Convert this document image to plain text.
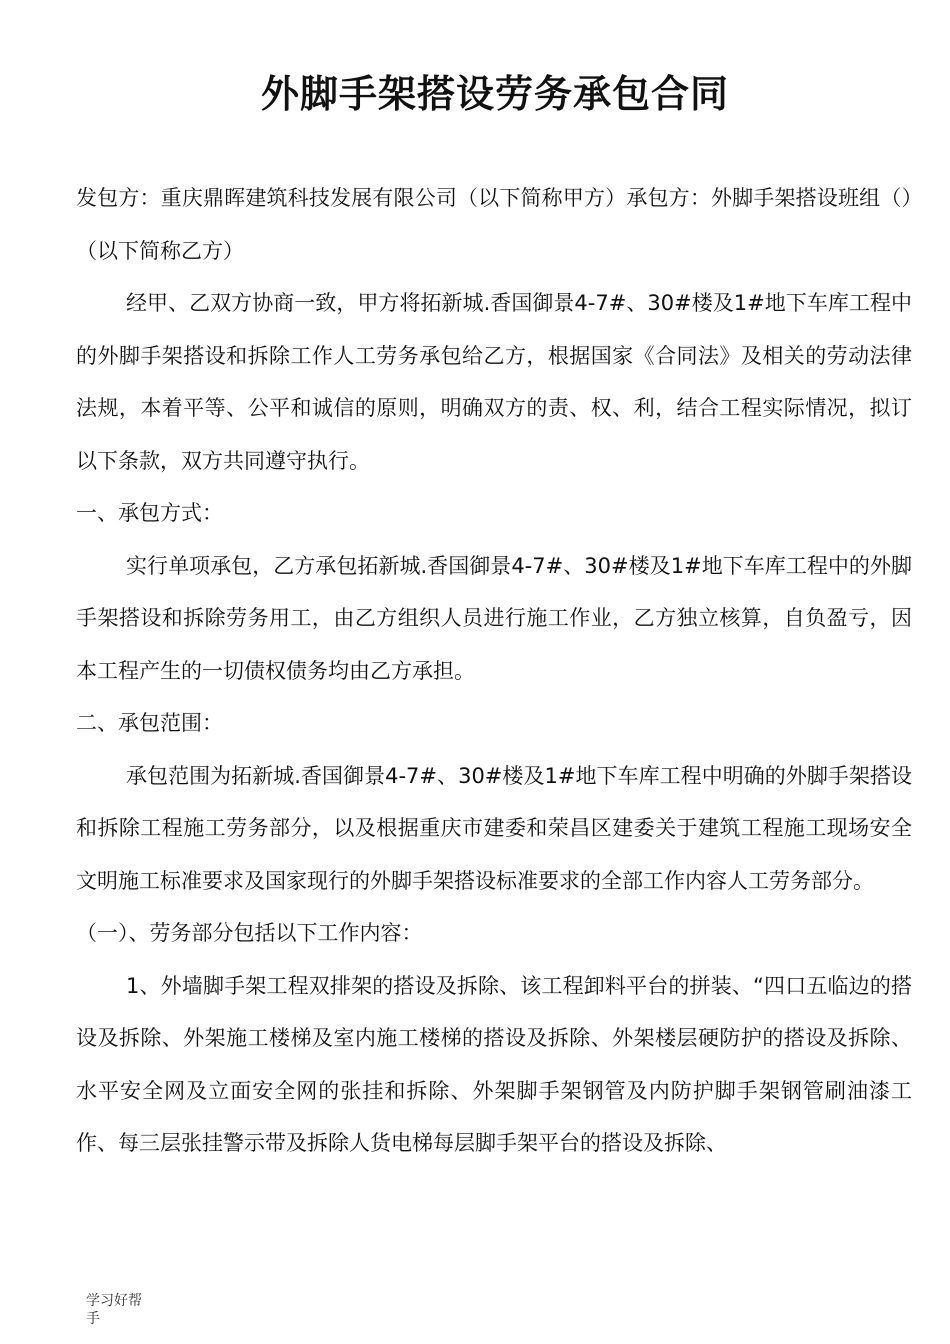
外脚手架搭设劳务承包合同

发包方：重庆鼎晖建筑科技发展有限公司（以下简称甲方）承包方：外脚手架搭设班组（）（以下简称乙方）

经甲、乙双方协商一致，甲方将拓新城.香国御景4-7#、30#楼及1#地下车库工程中的外脚手架搭设和拆除工作人工劳务承包给乙方，根据国家《合同法》及相关的劳动法律法规，本着平等、公平和诚信的原则，明确双方的责、权、利，结合工程实际情况，拟订以下条款，双方共同遵守执行。

一、承包方式：

实行单项承包，乙方承包拓新城.香国御景4-7#、30#楼及1#地下车库工程中的外脚手架搭设和拆除劳务用工，由乙方组织人员进行施工作业，乙方独立核算，自负盈亏，因本工程产生的一切债权债务均由乙方承担。

二、承包范围：

承包范围为拓新城.香国御景4-7#、30#楼及1#地下车库工程中明确的外脚手架搭设和拆除工程施工劳务部分，以及根据重庆市建委和荣昌区建委关于建筑工程施工现场安全文明施工标准要求及国家现行的外脚手架搭设标准要求的全部工作内容人工劳务部分。

（一）、劳务部分包括以下工作内容：

1、外墙脚手架工程双排架的搭设及拆除、该工程卸料平台的拼装、“四口五临边的搭设及拆除、外架施工楼梯及室内施工楼梯的搭设及拆除、外架楼层硬防护的搭设及拆除、水平安全网及立面安全网的张挂和拆除、外架脚手架钢管及内防护脚手架钢管刷油漆工作、每三层张挂警示带及拆除人货电梯每层脚手架平台的搭设及拆除、

学习好帮手
